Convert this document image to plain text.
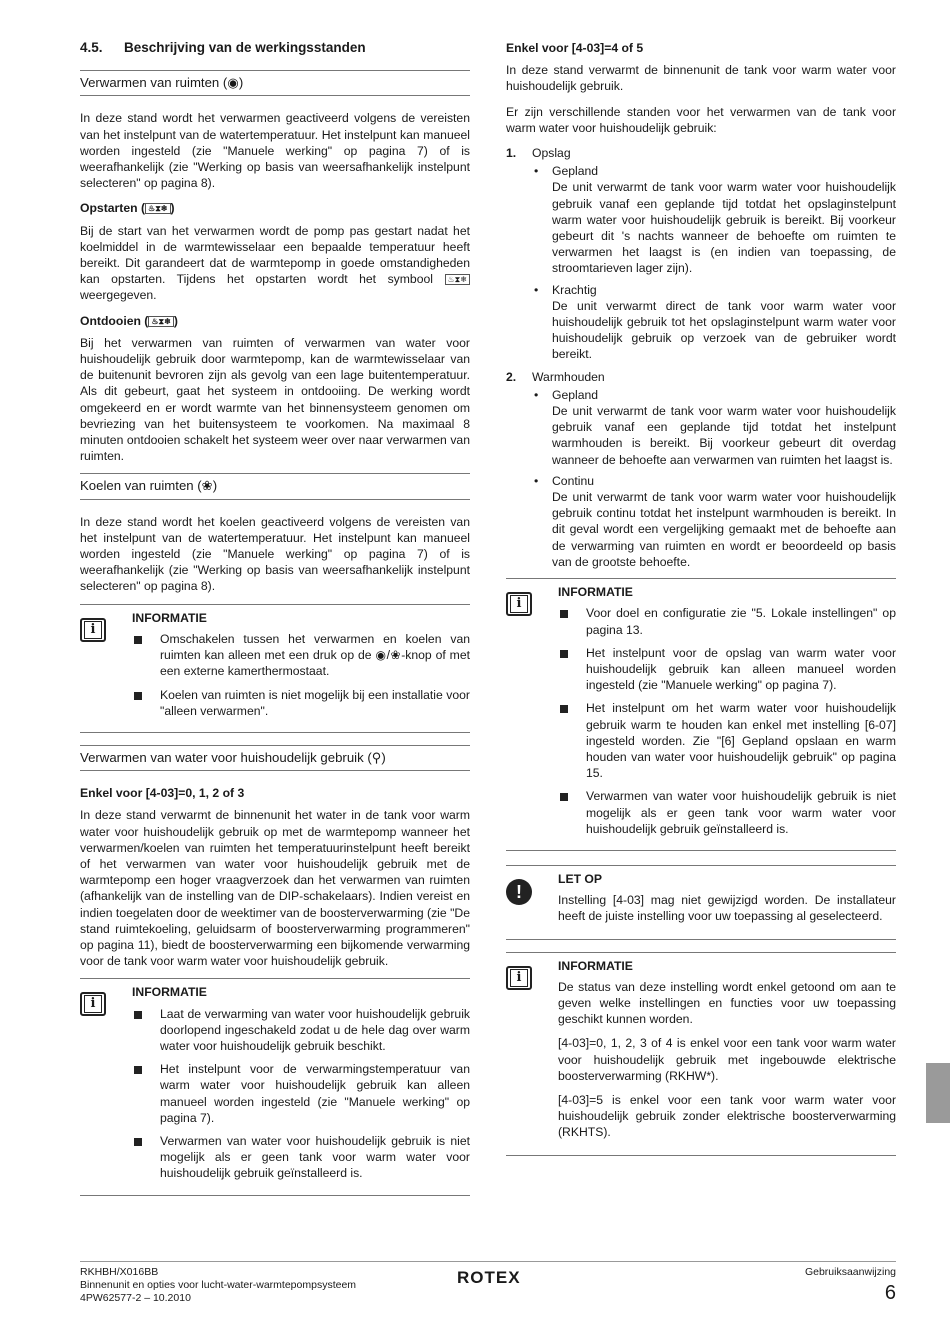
4.5. Beschrijving van de werkingsstanden
Verwarmen van ruimten (◉)

In deze stand wordt het verwarmen geactiveerd volgens de vereisten van het instelpunt van de watertemperatuur. Het instelpunt kan manueel worden ingesteld (zie "Manuele werking" op pagina 7) of is weerafhankelijk (zie "Werking op basis van weersafhankelijk instelpunt selecteren" op pagina 8).

Opstarten ( ♨⧗❄ )

Bij de start van het verwarmen wordt de pomp pas gestart nadat het koelmiddel in de warmtewisselaar een bepaalde temperatuur heeft bereikt. Dit garandeert dat de warmtepomp in goede omstandigheden kan opstarten. Tijdens het opstarten wordt het symbool ♨⧗❄ weergegeven.

Ontdooien ( ♨⧗❄ )

Bij het verwarmen van ruimten of verwarmen van water voor huishoudelijk gebruik door warmtepomp, kan de warmtewisselaar van de buitenunit bevroren zijn als gevolg van een lage buitentemperatuur. Als dit gebeurt, gaat het systeem in ontdooiing. De werking wordt omgekeerd en er wordt warmte van het binnensysteem genomen om bevriezing van het buitensysteem te voorkomen. Na maximaal 8 minuten ontdooien schakelt het systeem weer over naar verwarmen van ruimten.

Koelen van ruimten (❀)

In deze stand wordt het koelen geactiveerd volgens de vereisten van het instelpunt van de watertemperatuur. Het instelpunt kan manueel worden ingesteld (zie "Manuele werking" op pagina 7) of is weerafhankelijk (zie "Werking op basis van weersafhankelijk instelpunt selecteren" op pagina 8).

i
INFORMATIE
Omschakelen tussen het verwarmen en koelen van ruimten kan alleen met een druk op de ◉/❀-knop of met een externe kamerthermostaat.
Koelen van ruimten is niet mogelijk bij een installatie voor "alleen verwarmen".
Verwarmen van water voor huishoudelijk gebruik (⚲)
Enkel voor [4-03]=0, 1, 2 of 3

In deze stand verwarmt de binnenunit het water in de tank voor warm water voor huishoudelijk gebruik op met de warmtepomp wanneer het verwarmen/koelen van ruimten het temperatuurinstelpunt heeft bereikt of het verwarmen van water voor huishoudelijk gebruik met de warmtepomp een hoger vraagverzoek dan het verwarmen van ruimten (afhankelijk van de instelling van de DIP-schakelaars). Indien vereist en indien toegelaten door de weektimer van de boosterverwarming (zie "De stand ruimtekoeling, geluidsarm of boosterverwarming programmeren" op pagina 11), biedt de boosterverwarming een bijkomende verwarming voor de tank voor warm water voor huishoudelijk gebruik.

i
INFORMATIE
Laat de verwarming van water voor huishoudelijk gebruik doorlopend ingeschakeld zodat u de hele dag over warm water voor huishoudelijk gebruik beschikt.
Het instelpunt voor de verwarmingstemperatuur van warm water voor huishoudelijk gebruik kan alleen manueel worden ingesteld (zie "Manuele werking" op pagina 7).
Verwarmen van water voor huishoudelijk gebruik is niet mogelijk als er geen tank voor warm water voor huishoudelijk gebruik geïnstalleerd is.
Enkel voor [4-03]=4 of 5

In deze stand verwarmt de binnenunit de tank voor warm water voor huishoudelijk gebruik.

Er zijn verschillende standen voor het verwarmen van de tank voor warm water voor huishoudelijk gebruik:

1. Opslag
• Gepland
De unit verwarmt de tank voor warm water voor huishoudelijk gebruik vanaf een geplande tijd totdat het opslaginstelpunt warm water voor huishoudelijk gebruik is bereikt. Bij voorkeur gebeurt dit 's nachts wanneer de behoefte om ruimten te verwarmen het laagst is (en indien van toepassing, de stroomtarieven lager zijn).
• Krachtig
De unit verwarmt direct de tank voor warm water voor huishoudelijk gebruik tot het opslaginstelpunt warm water voor huishoudelijk gebruik op verzoek van de gebruiker wordt bereikt.
2. Warmhouden
• Gepland
De unit verwarmt de tank voor warm water voor huishoudelijk gebruik vanaf een geplande tijd totdat het instelpunt warmhouden is bereikt. Bij voorkeur gebeurt dit overdag wanneer de behoefte aan verwarmen van ruimten het laagst is.
• Continu
De unit verwarmt de tank voor warm water voor huishoudelijk gebruik continu totdat het instelpunt warmhouden is bereikt. In dit geval wordt een vergelijking gemaakt met de behoefte aan de verwarming van ruimten en wordt er beoordeeld op basis van de grootste behoefte.
i
INFORMATIE
Voor doel en configuratie zie "5. Lokale instellingen" op pagina 13.
Het instelpunt voor de opslag van warm water voor huishoudelijk gebruik kan alleen manueel worden ingesteld (zie "Manuele werking" op pagina 7).
Het instelpunt om het warm water voor huishoudelijk gebruik warm te houden kan enkel met instelling [6-07] ingesteld worden. Zie "[6] Gepland opslaan en warm houden van water voor huishoudelijk gebruik" op pagina 15.
Verwarmen van water voor huishoudelijk gebruik is niet mogelijk als er geen tank voor warm water voor huishoudelijk gebruik geïnstalleerd is.
!
LET OP

Instelling [4-03] mag niet gewijzigd worden. De installateur heeft de juiste instelling voor uw toepassing al geselecteerd.

i
INFORMATIE

De status van deze instelling wordt enkel getoond om aan te geven welke instellingen en functies voor uw toepassing geschikt kunnen worden.

[4-03]=0, 1, 2, 3 of 4 is enkel voor een tank voor warm water voor huishoudelijk gebruik met ingebouwde elektrische boosterverwarming (RKHW*).

[4-03]=5 is enkel voor een tank voor warm water voor huishoudelijk gebruik zonder elektrische boosterverwarming (RKHTS).

RKHBH/X016BB
Binnenunit en opties voor lucht-water-warmtepompsysteem
4PW62577-2 – 10.2010
ROTEX	Gebruiksaanwijzing
6
